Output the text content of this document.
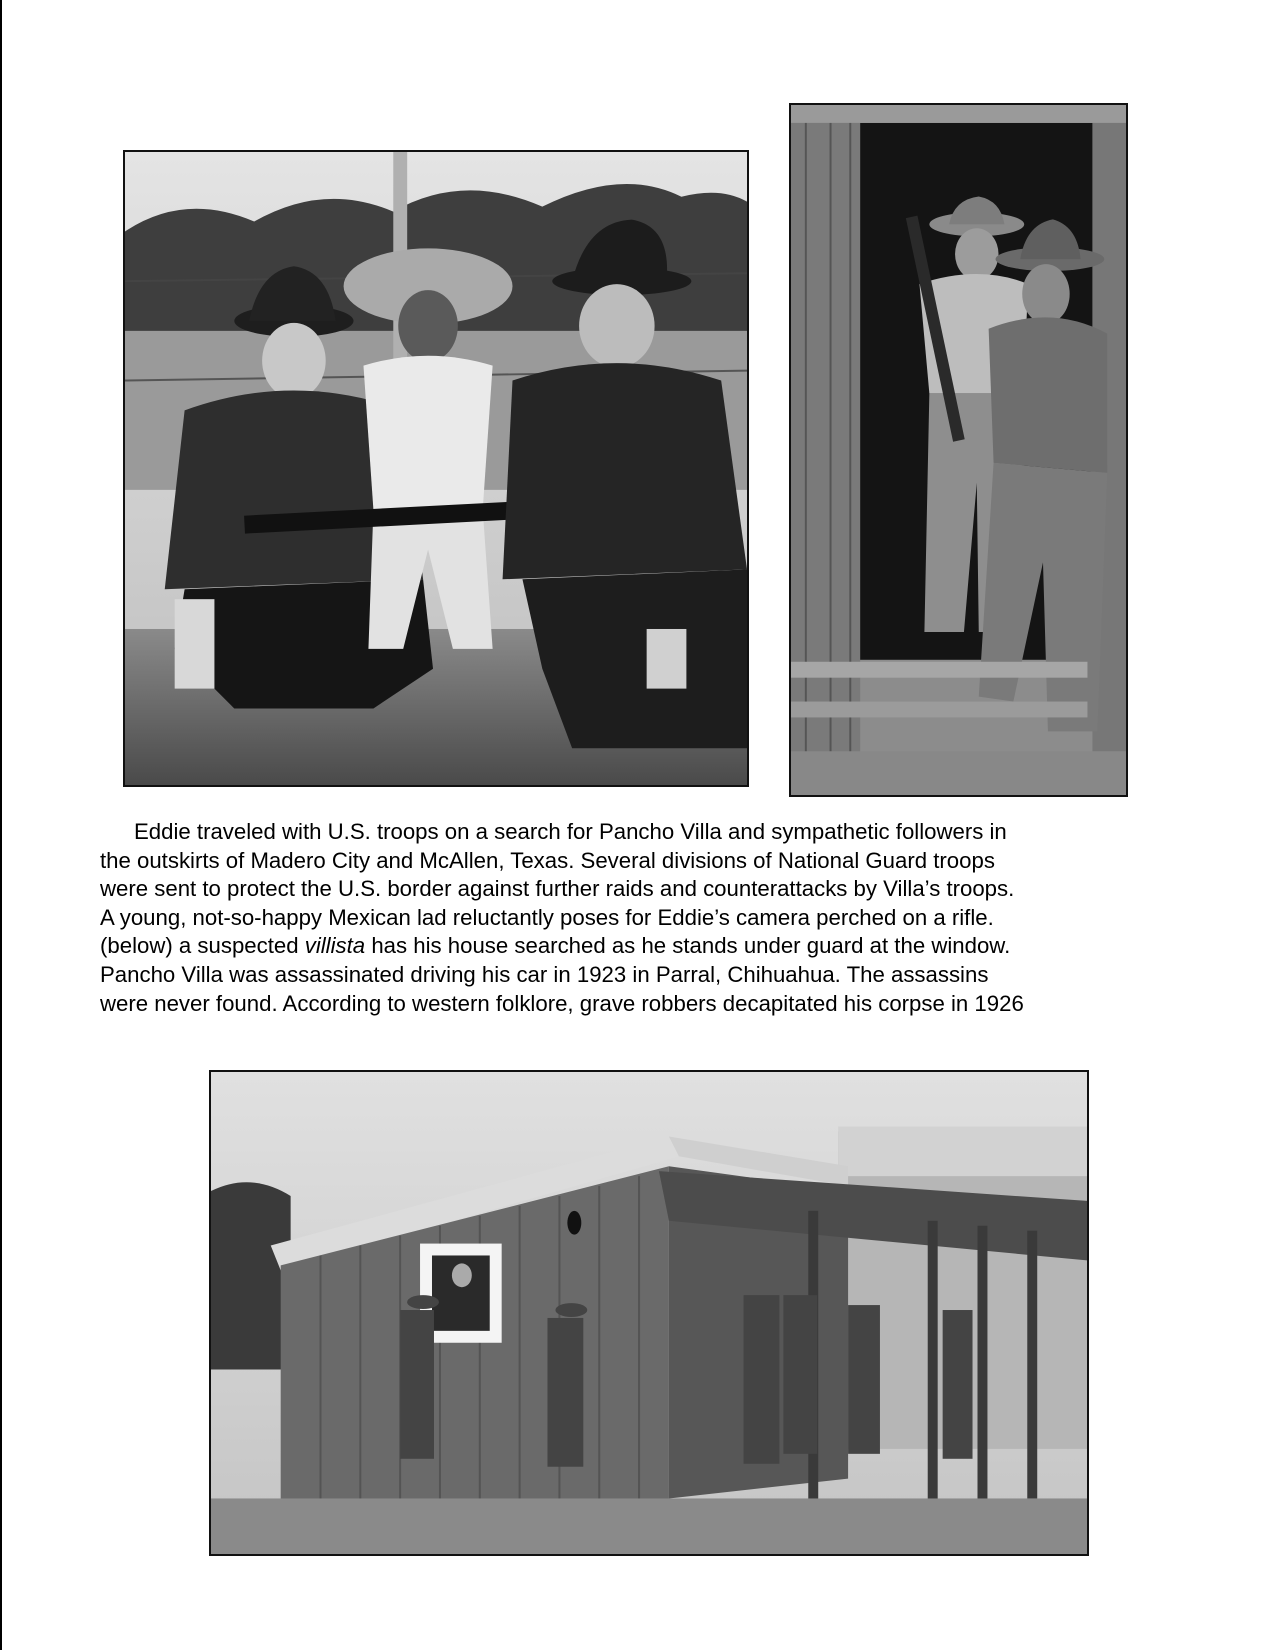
Eddie traveled with U.S. troops on a search for Pancho Villa and sympathetic followers in

the outskirts of Madero City and McAllen, Texas. Several divisions of National Guard troops

were sent to protect the U.S. border against further raids and counterattacks by Villa’s troops.

A young, not-so-happy Mexican lad reluctantly poses for Eddie’s camera perched on a rifle.

(below) a suspected villista has his house searched as he stands under guard at the window.

Pancho Villa was assassinated driving his car in 1923 in Parral, Chihuahua. The assassins

were never found. According to western folklore, grave robbers decapitated his corpse in 1926
